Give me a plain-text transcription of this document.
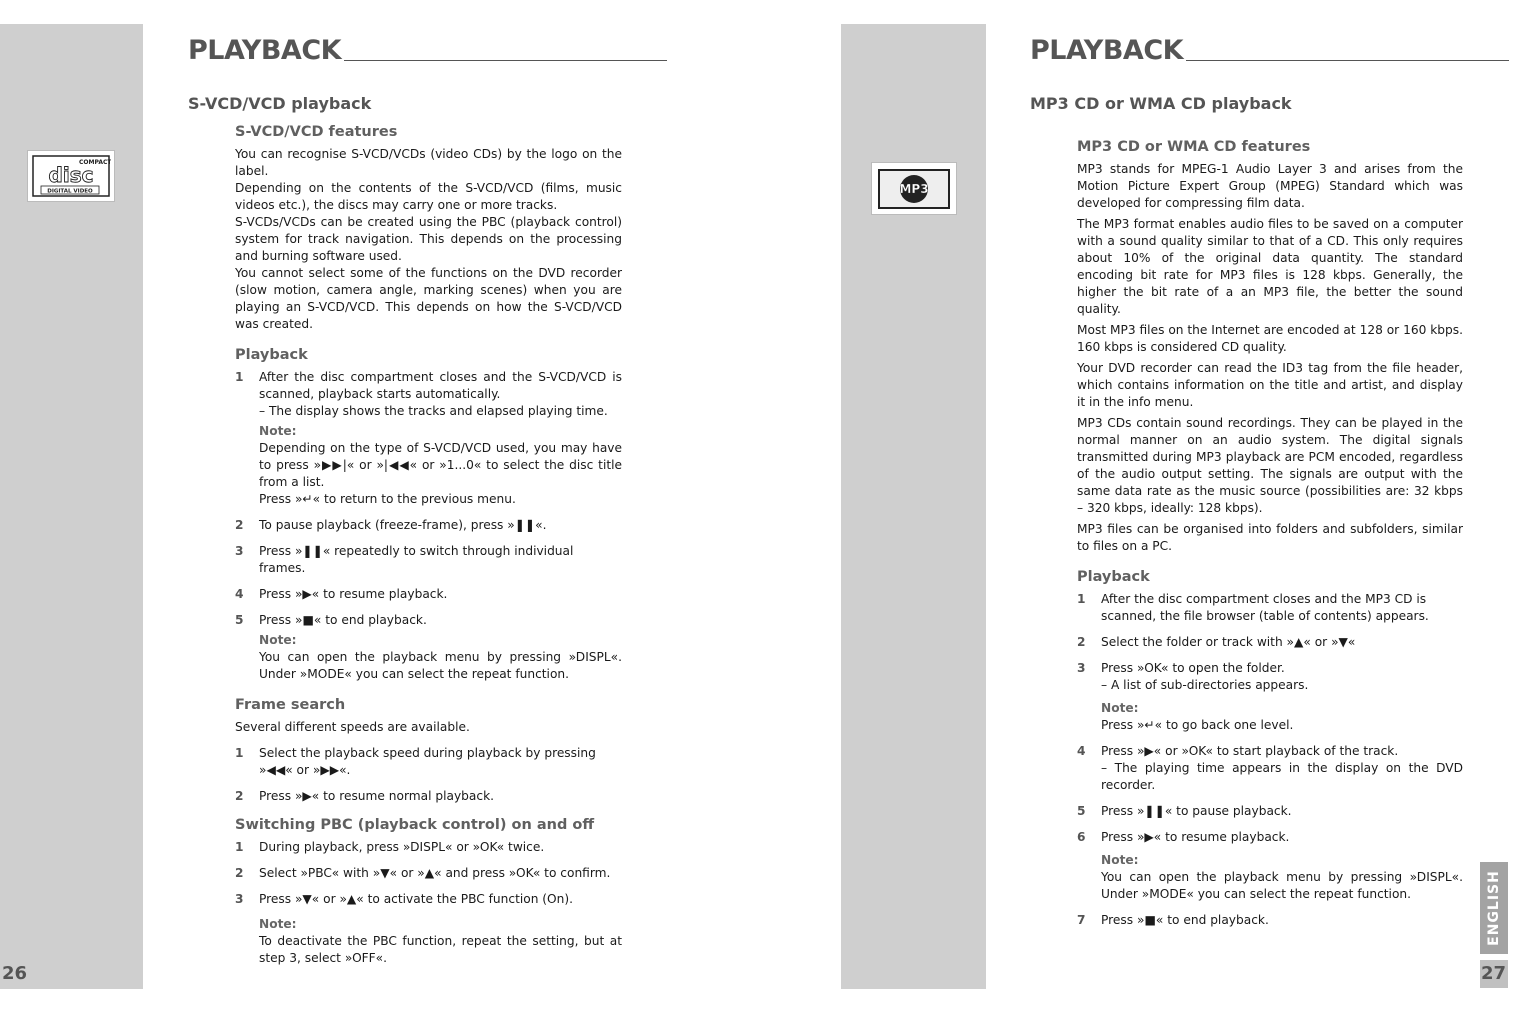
COMPACT
disc
DIGITAL VIDEO	MP3
PLAYBACK
S-VCD/VCD playback
S-VCD/VCD features

You can recognise S-VCD/VCDs (video CDs) by the logo on the label.

Depending on the contents of the S-VCD/VCD (films, music videos etc.), the discs may carry one or more tracks.

S-VCDs/VCDs can be created using the PBC (playback control) system for track navigation. This depends on the processing and burning software used.

You cannot select some of the functions on the DVD recorder (slow motion, camera angle, marking scenes) when you are playing an S-VCD/VCD. This depends on how the S-VCD/VCD was created.

Playback
1	After the disc compartment closes and the S-VCD/VCD is scanned, playback starts automatically.
– The display shows the tracks and elapsed playing time.
Note:
Depending on the type of S-VCD/VCD used, you may have to press »▶▶|« or »|◀◀« or »1...0« to select the disc title from a list.
Press »↵« to return to the previous menu.
2	To pause playback (freeze-frame), press »❚❚«.
3	Press »❚❚« repeatedly to switch through individual frames.
4	Press »▶« to resume playback.
5	Press »■« to end playback.
Note:
You can open the playback menu by pressing »DISPL«. Under »MODE« you can select the repeat function.
Frame search

Several different speeds are available.

1	Select the playback speed during playback by pressing »◀◀« or »▶▶«.
2	Press »▶« to resume normal playback.
Switching PBC (playback control) on and off
1	During playback, press »DISPL« or »OK« twice.
2	Select »PBC« with »▼« or »▲« and press »OK« to confirm.
3	Press »▼« or »▲« to activate the PBC function (On).
Note:
To deactivate the PBC function, repeat the setting, but at step 3, select »OFF«.
26
PLAYBACK
MP3 CD or WMA CD playback
MP3 CD or WMA CD features

MP3 stands for MPEG-1 Audio Layer 3 and arises from the Motion Picture Expert Group (MPEG) Standard which was developed for compressing film data.

The MP3 format enables audio files to be saved on a computer with a sound quality similar to that of a CD. This only requires about 10% of the original data quantity. The standard encoding bit rate for MP3 files is 128 kbps. Generally, the higher the bit rate of a an MP3 file, the better the sound quality.

Most MP3 files on the Internet are encoded at 128 or 160 kbps. 160 kbps is considered CD quality.

Your DVD recorder can read the ID3 tag from the file header, which contains information on the title and artist, and display it in the info menu.

MP3 CDs contain sound recordings. They can be played in the normal manner on an audio system. The digital signals transmitted during MP3 playback are PCM encoded, regardless of the audio output setting. The signals are output with the same data rate as the music source (possibilities are: 32 kbps – 320 kbps, ideally: 128 kbps).

MP3 files can be organised into folders and subfolders, similar to files on a PC.

Playback
1	After the disc compartment closes and the MP3 CD is scanned, the file browser (table of contents) appears.
2	Select the folder or track with »▲« or »▼«
3	Press »OK« to open the folder.
– A list of sub-directories appears.
Note:
Press »↵« to go back one level.
4	Press »▶« or »OK« to start playback of the track.
– The playing time appears in the display on the DVD recorder.
5	Press »❚❚« to pause playback.
6	Press »▶« to resume playback.
Note:
You can open the playback menu by pressing »DISPL«. Under »MODE« you can select the repeat function.
7	Press »■« to end playback.	ENGLISH
27
